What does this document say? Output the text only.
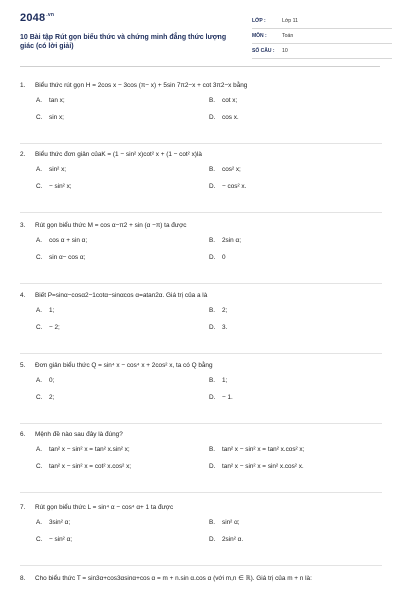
$2048^{.vn}$
10 Bài tập Rút gọn biểu thức và chứng minh đẳng thức lượng giác (có lời giải)
LỚP :	Lớp 11
MÔN :	Toán
SỐ CÂU :	10
1.	Biểu thức rút gọn H = 2cos x − 3cos (π− x) + 5sin 7π2−x + cot 3π2−x bằng
A.	tan x;	B.	cot x;
C.	sin x;	D.	cos x.
2.	Biểu thức đơn giản củaK = (1 − sin² x)cot² x + (1 − cot² x)là
A.	sin² x;	B.	cos² x;
C.	− sin² x;	D.	− cos² x.
3.	Rút gọn biểu thức M = cos α−π2 + sin (α −π) ta được
A.	cos α + sin α;	B.	2sin α;
C.	sin α− cos α;	D.	0
4.	Biết P=sinα−cosα2−1cotα−sinαcos α=atan2α. Giá trị của a là
A.	1;	B.	2;
C.	− 2;	D.	3.
5.	Đơn giản biểu thức Q = sin⁴ x − cos⁴ x + 2cos² x, ta có Q bằng
A.	0;	B.	1;
C.	2;	D.	− 1.
6.	Mệnh đề nào sau đây là đúng?
A.	tan² x − sin² x = tan² x.sin² x;	B.	tan² x − sin² x = tan² x.cos² x;
C.	tan² x − sin² x = cot² x.cos² x;	D.	tan² x − sin² x = sin² x.cos² x.
7.	Rút gọn biểu thức L = sin⁴ α − cos⁴ α+ 1 ta được
A.	3sin² α;	B.	sin² α;
C.	− sin² α;	D.	2sin² α.
8.	Cho biểu thức T = sin3α+cos3αsinα+cos α = m + n.sin α.cos α (với m,n ∈ ℝ). Giá trị của m + n là:
